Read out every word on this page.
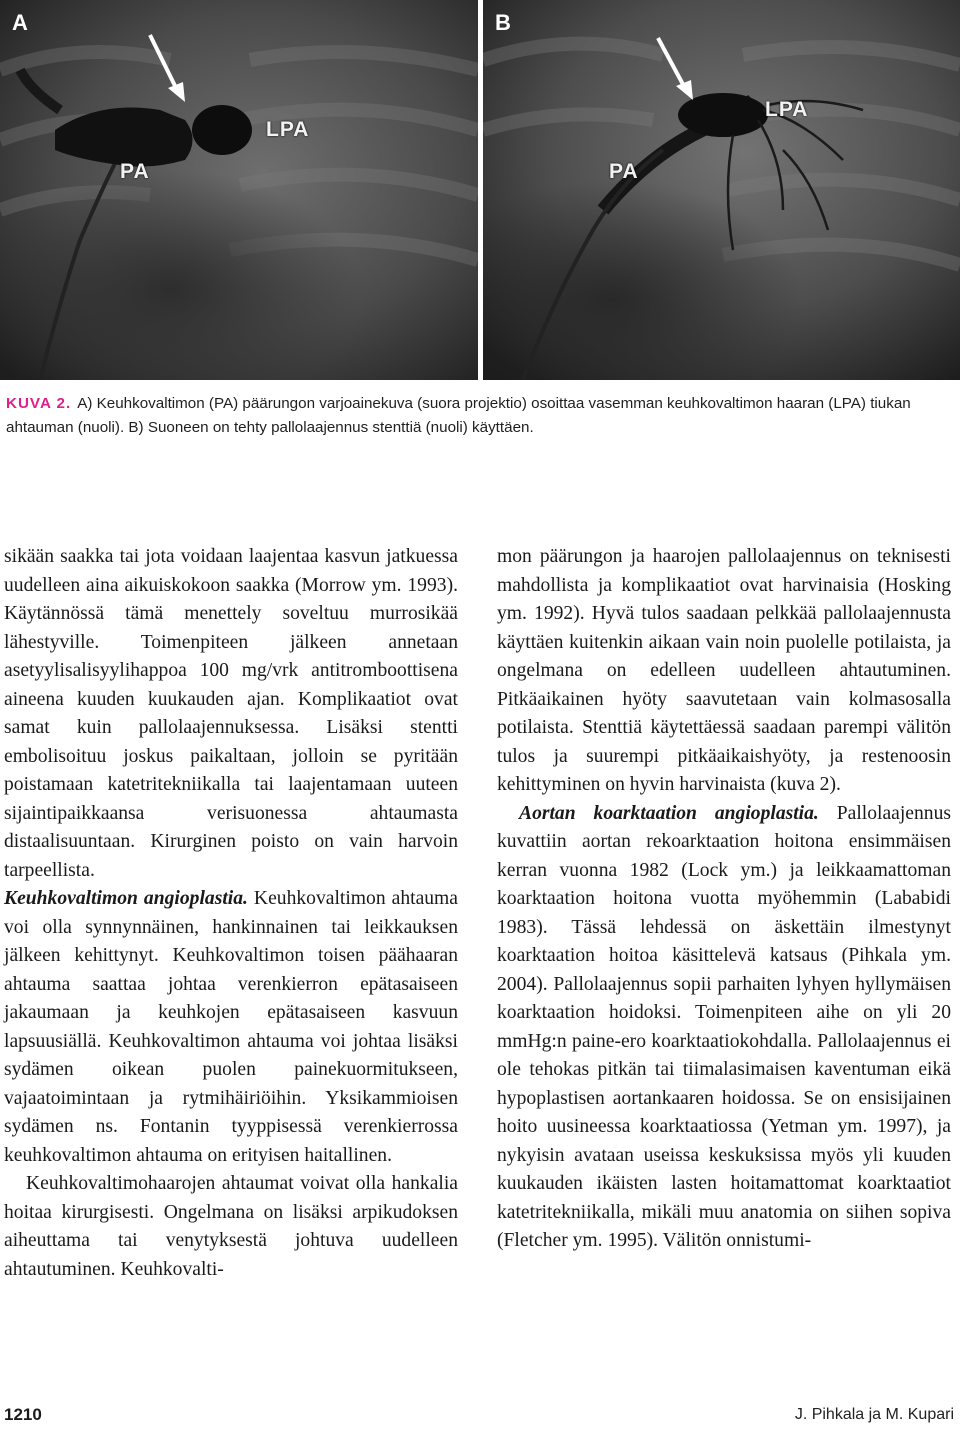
A
LPA
PA
B
LPA
PA
KUVA 2. A) Keuhkovaltimon (PA) päärungon varjoainekuva (suora projektio) osoittaa vasemman keuhkovaltimon haaran (LPA) tiukan ahtauman (nuoli). B) Suoneen on tehty pallolaajennus stenttiä (nuoli) käyttäen.

sikään saakka tai jota voidaan laajentaa kasvun jatkuessa uudelleen aina aikuiskokoon saakka (Morrow ym. 1993). Käytännössä tämä menettely soveltuu murrosikää lähestyville. Toimenpiteen jälkeen annetaan asetyylisalisyylihappoa 100 mg/vrk antitromboottisena aineena kuuden kuukauden ajan. Komplikaatiot ovat samat kuin pallolaajennuksessa. Lisäksi stentti embolisoituu joskus paikaltaan, jolloin se pyritään poistamaan katetritekniikalla tai laajentamaan uuteen sijaintipaikkaansa verisuonessa ahtaumasta distaalisuuntaan. Kirurginen poisto on vain harvoin tarpeellista.

Keuhkovaltimon angioplastia. Keuhkovaltimon ahtauma voi olla synnynnäinen, hankinnainen tai leikkauksen jälkeen kehittynyt. Keuhkovaltimon toisen päähaaran ahtauma saattaa johtaa verenkierron epätasaiseen jakaumaan ja keuhkojen epätasaiseen kasvuun lapsuusiällä. Keuhkovaltimon ahtauma voi johtaa lisäksi sydämen oikean puolen painekuormitukseen, vajaatoimintaan ja rytmihäiriöihin. Yksikammioisen sydämen ns. Fontanin tyyppisessä verenkierrossa keuhkovaltimon ahtauma on erityisen haitallinen.

Keuhkovaltimohaarojen ahtaumat voivat olla hankalia hoitaa kirurgisesti. Ongelmana on lisäksi arpikudoksen aiheuttama tai venytyksestä johtuva uudelleen ahtautuminen. Keuhkovalti-

mon päärungon ja haarojen pallolaajennus on teknisesti mahdollista ja komplikaatiot ovat harvinaisia (Hosking ym. 1992). Hyvä tulos saadaan pelkkää pallolaajennusta käyttäen kuitenkin aikaan vain noin puolelle potilaista, ja ongelmana on edelleen uudelleen ahtautuminen. Pitkäaikainen hyöty saavutetaan vain kolmasosalla potilaista. Stenttiä käytettäessä saadaan parempi välitön tulos ja suurempi pitkäaikaishyöty, ja restenoosin kehittyminen on hyvin harvinaista (kuva 2).

Aortan koarktaation angioplastia. Pallolaajennus kuvattiin aortan rekoarktaation hoitona ensimmäisen kerran vuonna 1982 (Lock ym.) ja leikkaamattoman koarktaation hoitona vuotta myöhemmin (Lababidi 1983). Tässä lehdessä on äskettäin ilmestynyt koarktaation hoitoa käsittelevä katsaus (Pihkala ym. 2004). Pallolaajennus sopii parhaiten lyhyen hyllymäisen koarktaation hoidoksi. Toimenpiteen aihe on yli 20 mmHg:n paine-ero koarktaatiokohdalla. Pallolaajennus ei ole tehokas pitkän tai tiimalasimaisen kaventuman eikä hypoplastisen aortankaaren hoidossa. Se on ensisijainen hoito uusineessa koarktaatiossa (Yetman ym. 1997), ja nykyisin avataan useissa keskuksissa myös yli kuuden kuukauden ikäisten lasten hoitamattomat koarktaatiot katetritekniikalla, mikäli muu anatomia on siihen sopiva (Fletcher ym. 1995). Välitön onnistumi-

1210	J. Pihkala ja M. Kupari
